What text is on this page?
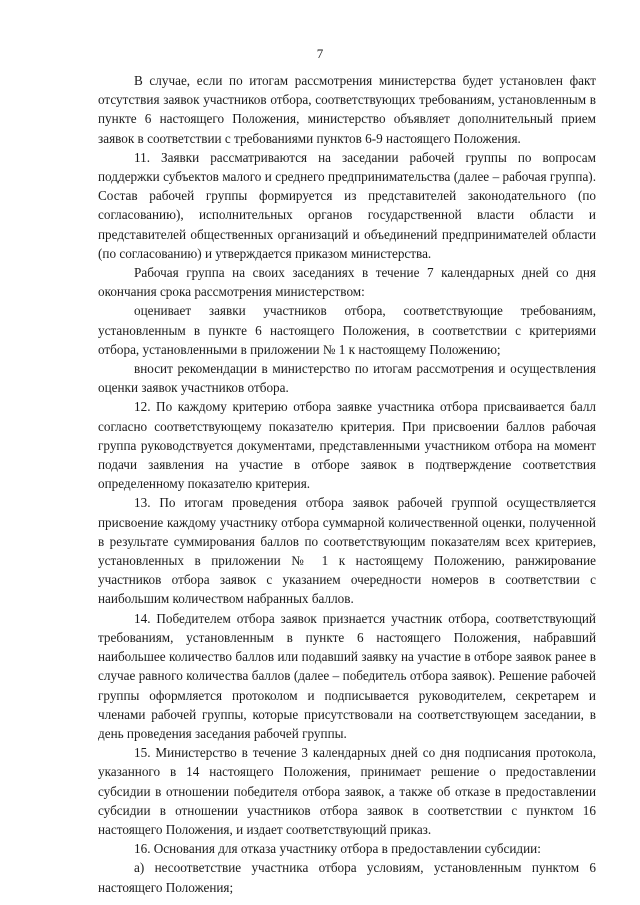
7

В случае, если по итогам рассмотрения министерства будет установлен факт отсутствия заявок участников отбора, соответствующих требованиям, установленным в пункте 6 настоящего Положения, министерство объявляет дополнительный прием заявок в соответствии с требованиями пунктов 6-9 настоящего Положения.

11. Заявки рассматриваются на заседании рабочей группы по вопросам поддержки субъектов малого и среднего предпринимательства (далее – рабочая группа). Состав рабочей группы формируется из представителей законодательного (по согласованию), исполнительных органов государственной власти области и представителей общественных организаций и объединений предпринимателей области (по согласованию) и утверждается приказом министерства.

Рабочая группа на своих заседаниях в течение 7 календарных дней со дня окончания срока рассмотрения министерством:

оценивает заявки участников отбора, соответствующие требованиям, установленным в пункте 6 настоящего Положения, в соответствии с критериями отбора, установленными в приложении № 1 к настоящему Положению;

вносит рекомендации в министерство по итогам рассмотрения и осуществления оценки заявок участников отбора.

12. По каждому критерию отбора заявке участника отбора присваивается балл согласно соответствующему показателю критерия. При присвоении баллов рабочая группа руководствуется документами, представленными участником отбора на момент подачи заявления на участие в отборе заявок в подтверждение соответствия определенному показателю критерия.

13. По итогам проведения отбора заявок рабочей группой осуществляется присвоение каждому участнику отбора суммарной количественной оценки, полученной в результате суммирования баллов по соответствующим показателям всех критериев, установленных в приложении № 1 к настоящему Положению, ранжирование участников отбора заявок с указанием очередности номеров в соответствии с наибольшим количеством набранных баллов.

14. Победителем отбора заявок признается участник отбора, соответствующий требованиям, установленным в пункте 6 настоящего Положения, набравший наибольшее количество баллов или подавший заявку на участие в отборе заявок ранее в случае равного количества баллов (далее – победитель отбора заявок). Решение рабочей группы оформляется протоколом и подписывается руководителем, секретарем и членами рабочей группы, которые присутствовали на соответствующем заседании, в день проведения заседания рабочей группы.

15. Министерство в течение 3 календарных дней со дня подписания протокола, указанного в 14 настоящего Положения, принимает решение о предоставлении субсидии в отношении победителя отбора заявок, а также об отказе в предоставлении субсидии в отношении участников отбора заявок в соответствии с пунктом 16 настоящего Положения, и издает соответствующий приказ.

16. Основания для отказа участнику отбора в предоставлении субсидии:

а) несоответствие участника отбора условиям, установленным пунктом 6 настоящего Положения;
